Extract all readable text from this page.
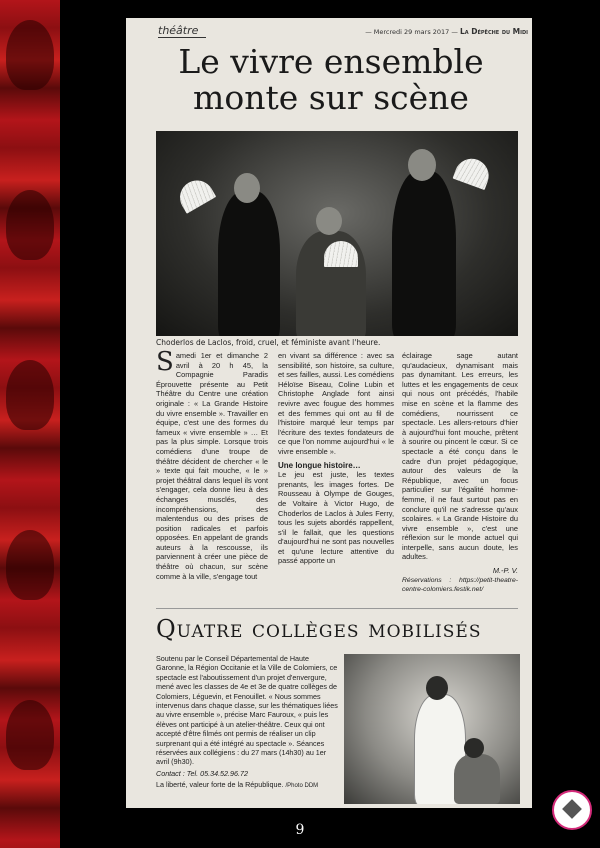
théâtre	— Mercredi 29 mars 2017 — La Dépêche du Midi
Le vivre ensemble
monte sur scène
Choderlos de Laclos, froid, cruel, et féministe avant l'heure.

Samedi 1er et dimanche 2 avril à 20 h 45, la Compagnie Paradis Éprouvette présente au Petit Théâtre du Centre une création originale : « La Grande Histoire du vivre ensemble ». Travailler en équipe, c'est une des formes du fameux « vivre ensemble » … Et pas la plus simple. Lorsque trois comédiens d'une troupe de théâtre décident de chercher « le » texte qui fait mouche, « le » projet théâtral dans lequel ils vont s'engager, cela donne lieu à des échanges musclés, des incompréhensions, des malentendus ou des prises de position radicales et parfois opposées. En appelant de grands auteurs à la rescousse, ils parviennent à créer une pièce de théâtre où chacun, sur scène comme à la ville, s'engage tout

en vivant sa différence : avec sa sensibilité, son histoire, sa culture, et ses failles, aussi. Les comédiens Héloïse Biseau, Coline Lubin et Christophe Anglade font ainsi revivre avec fougue des hommes et des femmes qui ont au fil de l'histoire marqué leur temps par l'écriture des textes fondateurs de ce que l'on nomme aujourd'hui « le vivre ensemble ».

Une longue histoire…

Le jeu est juste, les textes prenants, les images fortes. De Rousseau à Olympe de Gouges, de Voltaire à Victor Hugo, de Choderlos de Laclos à Jules Ferry, tous les sujets abordés rappellent, s'il le fallait, que les questions d'aujourd'hui ne sont pas nouvelles et qu'une lecture attentive du passé apporte un

éclairage sage autant qu'audacieux, dynamisant mais pas dynamitant. Les erreurs, les luttes et les engagements de ceux qui nous ont précédés, l'habile mise en scène et la flamme des comédiens, nourrissent ce spectacle. Les allers-retours d'hier à aujourd'hui font mouche, prêtent à sourire ou pincent le cœur. Si ce spectacle a été conçu dans le cadre d'un projet pédagogique, autour des valeurs de la République, avec un focus particulier sur l'égalité homme-femme, il ne faut surtout pas en conclure qu'il ne s'adresse qu'aux scolaires. « La Grande Histoire du vivre ensemble », c'est une réflexion sur le monde actuel qui interpelle, sans aucun doute, les adultes.

M.-P. V.

Réservations : https://petit-theatre-centre-colomiers.festik.net/

Quatre collèges mobilisés

Soutenu par le Conseil Départemental de Haute Garonne, la Région Occitanie et la Ville de Colomiers, ce spectacle est l'aboutissement d'un projet d'envergure, mené avec les classes de 4e et 3e de quatre collèges de Colomiers, Léguevin, et Fenouillet. « Nous sommes intervenus dans chaque classe, sur les thématiques liées au vivre ensemble », précise Marc Fauroux, « puis les élèves ont participé à un atelier-théâtre. Ceux qui ont accepté d'être filmés ont permis de réaliser un clip surprenant qui a été intégré au spectacle ». Séances réservées aux collégiens : du 27 mars (14h30) au 1er avril (9h30).

Contact : Tel. 05.34.52.96.72

La liberté, valeur forte de la République. /Photo DDM

9
